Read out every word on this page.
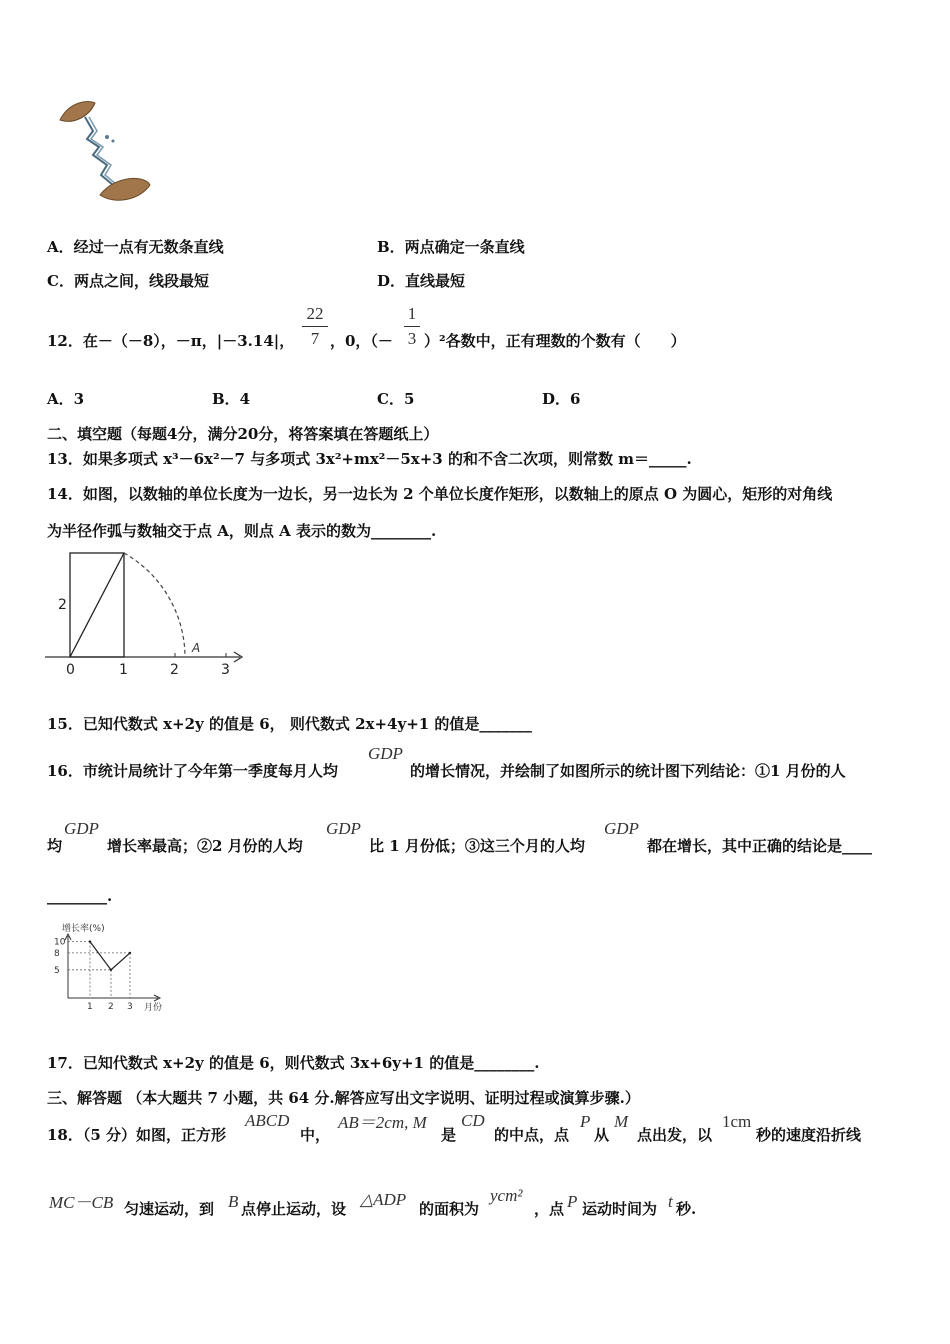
A．经过一点有无数条直线	B．两点确定一条直线
C．两点之间，线段最短	D．直线最短
12．在－（－8），－π，|－3.14|，
22
7 ，0，（－
1
3 ）²各数中，正有理数的个数有（　　）
A．3	B．4	C．5	D．6
二、填空题（每题4分，满分20分，将答案填在答题纸上）
13．如果多项式 x³－6x²－7 与多项式 3x²+mx²－5x+3 的和不含二次项，则常数 m＝_____.
14．如图，以数轴的单位长度为一边长，另一边长为 2 个单位长度作矩形，以数轴上的原点 O 为圆心，矩形的对角线
为半径作弧与数轴交于点 A，则点 A 表示的数为________.
2
A
0	1	2	3
15．已知代数式 x+2y 的值是 6， 则代数式 2x+4y+1 的值是_______
16．市统计局统计了今年第一季度每月人均
GDP
的增长情况，并绘制了如图所示的统计图下列结论：①1 月份的人
均
GDP
增长率最高；②2 月份的人均
GDP
比 1 月份低；③这三个月的人均
GDP
都在增长，其中正确的结论是____
________.
增长率(%)
月份
10
8
5
1 2 3
17．已知代数式 x+2y 的值是 6，则代数式 3x+6y+1 的值是________.
三、解答题 （本大题共 7 小题，共 64 分.解答应写出文字说明、证明过程或演算步骤.）
18．（5 分）如图，正方形
ABCD
中，
AB＝2cm, M
是
CD
的中点，点
P
从
M
点出发，以
1cm
秒的速度沿折线
MC－CB 匀速运动，到 B 点停止运动，设 △ADP 的面积为
ycm²
，点 P 运动时间为 t 秒.
